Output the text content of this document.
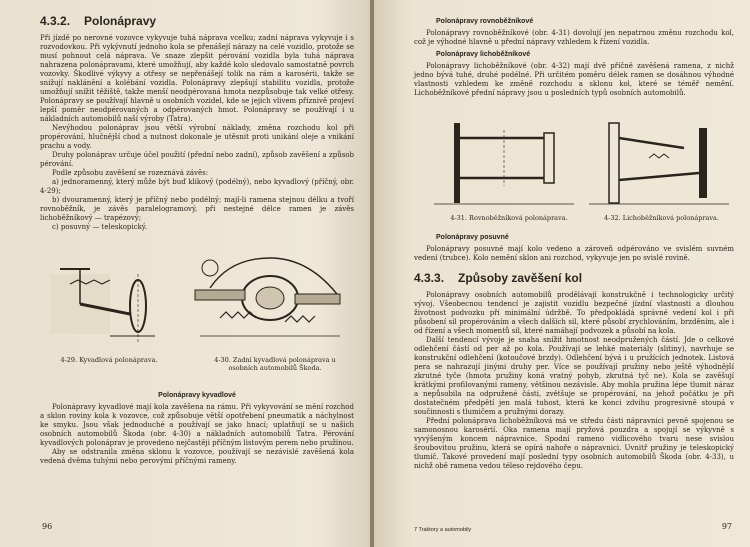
4.3.2. Polonápravy

Při jízdě po nerovné vozovce vykyvuje tuhá náprava vcelku; zadní náprava vykyvuje i s rozvodovkou. Při vykývnutí jednoho kola se přenášejí nárazy na celé vozidlo, protože se musí pohnout celá náprava. Ve snaze zlepšit pérování vozidla byla tuhá náprava nahrazena polonápravami, které umožňují, aby každé kolo sledovalo samostatně povrch vozovky. Škodlivé výkyvy a otřesy se nepřenášejí tolik na rám a karosérii, takže se snižují naklánění a kolébání vozidla. Polonápravy zlepšují stabilitu vozidla, protože umožňují snížit těžiště, takže menší neodpérovaná hmota nezpůsobuje tak velké otřesy. Polonápravy se používají hlavně u osobních vozidel, kde se jejich vlivem příznivě projeví lepší poměr neodpérovaných a odpérovaných hmot. Polonápravy se používají i u nákladních automobilů naší výroby (Tatra).

Nevýhodou polonáprav jsou větší výrobní náklady, změna rozchodu kol při propérování, hlučnější chod a nutnost dokonale je utěsnit proti unikání oleje a vnikání prachu a vody.

Druhy polonáprav určuje účel použití (přední nebo zadní), způsob zavěšení a způsob pérování.

Podle způsobu zavěšení se rozeznává závěs:

a) jednoramenný, který může být buď klikový (podélný), nebo kyvadlový (příčný, obr. 4-29);

b) dvouramenný, který je příčný nebo podélný; mají-li ramena stejnou délku a tvoří rovnoběžník, je závěs paralelogramový, při nestejné délce ramen je závěs lichoběžníkový — trapézový;

c) posuvný — teleskopický.

4-29. Kyvadlová polonáprava.	4-30. Zadní kyvadlová polonáprava u osobních automobilů Škoda.
Polonápravy kyvadlové

Polonápravy kyvadlové mají kola zavěšena na rámu. Při vykyvování se mění rozchod a sklon roviny kola k vozovce, což způsobuje větší opotřebení pneumatik a náchylnost ke smyku. Jsou však jednoduché a používají se jako hnací; uplatňují se u našich osobních automobilů Škoda (obr. 4-30) a nákladních automobilů Tatra. Pérování kyvadlových polonáprav je provedeno nejčastěji příčným listovým perem nebo pružinou.

Aby se odstranila změna sklonu k vozovce, používají se nezávislé zavěšená kola vedená dvěma tuhými nebo perovými příčnými rameny.

96
Polonápravy rovnoběžníkové

Polonápravy rovnoběžníkové (obr. 4-31) dovolují jen nepatrnou změnu rozchodu kol, což je výhodné hlavně u přední nápravy vzhledem k řízení vozidla.

Polonápravy lichoběžníkové

Polonápravy lichoběžníkové (obr. 4-32) mají dvě příčně zavěšená ramena, z nichž jedno bývá tuhé, druhé podélné. Při určitém poměru délek ramen se dosáhnou výhodné vlastnosti vzhledem ke změně rozchodu a sklonu kol, které se téměř nemění. Lichoběžníkové přední nápravy jsou u posledních typů osobních automobilů.

4-31. Rovnoběžníková polonáprava.	4-32. Lichoběžníková polonáprava.
Polonápravy posuvné

Polonápravy posuvné mají kolo vedeno a zároveň odpérováno ve svislém suvném vedení (trubce). Kolo nemění sklon ani rozchod, vykyvuje jen po svislé rovině.

4.3.3. Způsoby zavěšení kol

Polonápravy osobních automobilů prodělávají konstrukčně i technologicky určitý vývoj. Všeobecnou tendencí je zajistit vozidlu bezpečné jízdní vlastnosti a dlouhou životnost podvozku při minimální údržbě. To předpokládá správné vedení kol i při působení sil propérováním a všech dalších sil, které působí zrychlováním, brzděním, ale i od řízení a všech momentů sil, které namáhají podvozek a působí na kola.

Další tendencí vývoje je snaha snížit hmotnost neodpružených částí. Jde o celkové odlehčení částí od per až po kola. Používají se lehké materiály (slitiny), navrhuje se konstrukční odlehčení (kotoučové brzdy). Odlehčení bývá i u pružících jednotek. Listová pera se nahrazují jinými druhy per. Více se používají pružiny nebo ještě výhodnější zkrutné tyče (hmota pružiny koná vratný pohyb, zkrutná tyč ne). Kola se zavěšují krátkými profilovanými rameny, většinou nezávisle. Aby mohla pružina lépe tlumit náraz a nepůsobila na odpružené části, zvětšuje se propérování, na jehož počátku je při dostatečném předpětí jen malá tuhost, která ke konci zdvihu progresivně stoupá v součinnosti s tlumičem a pružnými dorazy.

Přední polonáprava lichoběžníková má ve středu části nápravnici pevně spojenou se samonosnou karosérií. Oka ramena mají pryžová pouzdra a spojují se výkyvně s vyvýšeným koncem nápravnice. Spodní rameno vidlicového tvaru nese svislou šroubovitou pružinu, která se opírá nahoře o nápravnici. Uvnitř pružiny je teleskopický tlumič. Takové provedení mají poslední typy osobních automobilů Škoda (obr. 4-33), u nichž obě ramena vedou téleso rejdového čepu.

7 Traktory a automobily	97
